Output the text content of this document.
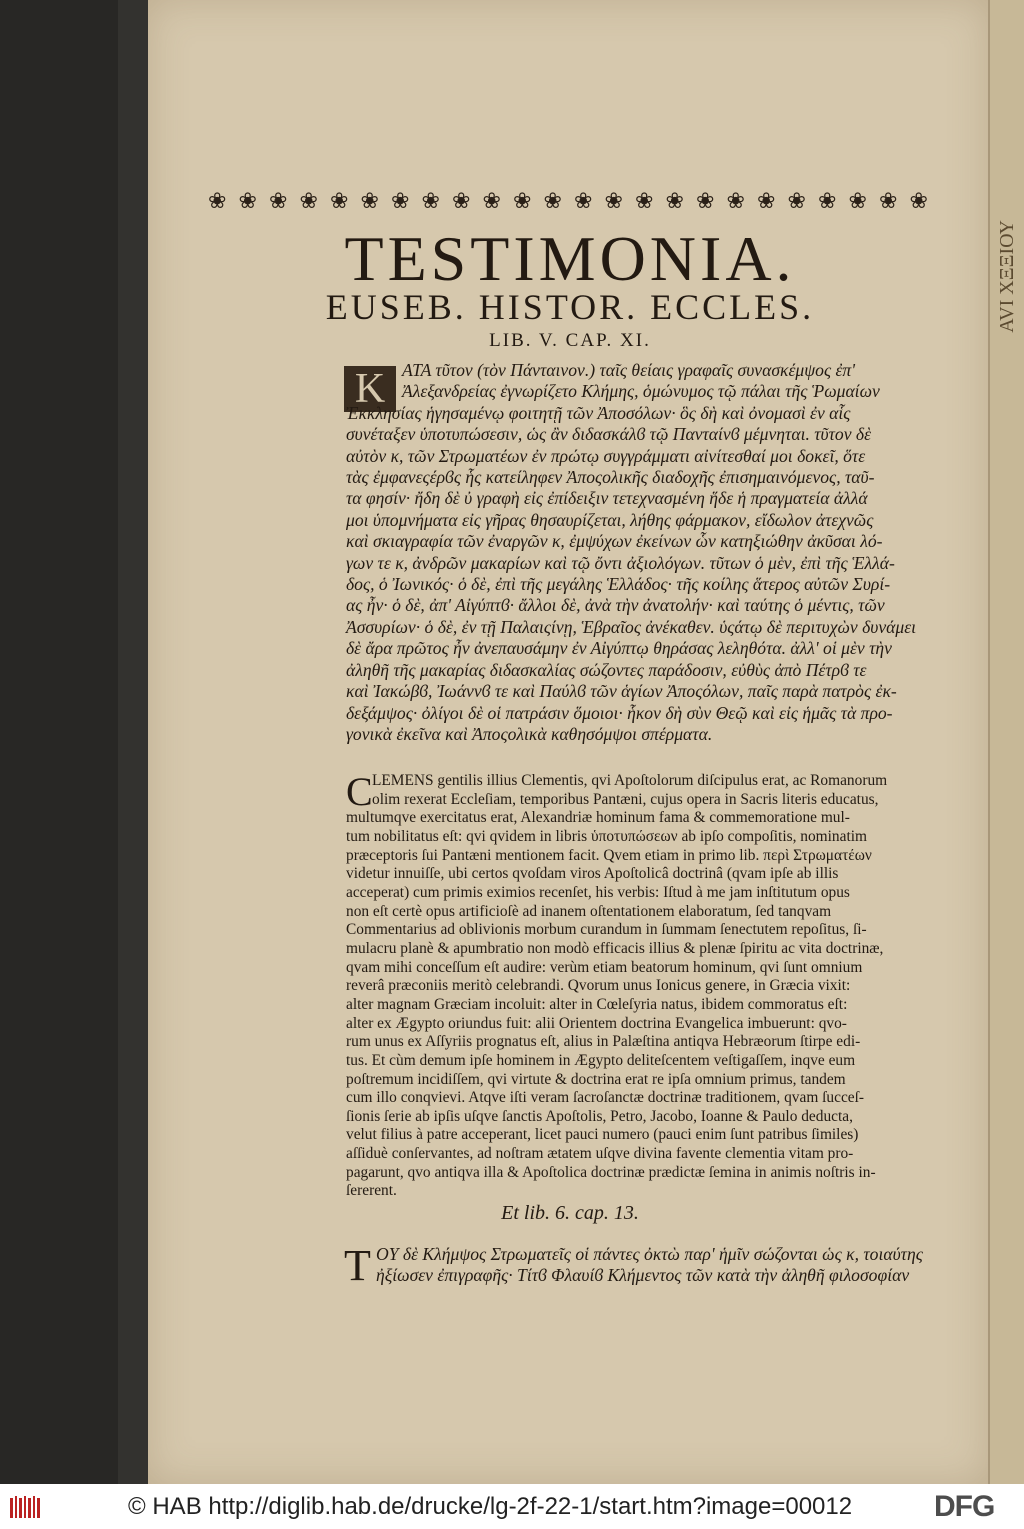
AVI ΧΞΞΙΟΥ
❀ ❀ ❀ ❀ ❀ ❀ ❀ ❀ ❀ ❀ ❀ ❀ ❀ ❀ ❀ ❀ ❀ ❀ ❀ ❀ ❀ ❀ ❀ ❀
TESTIMONIA.
EUSEB. HISTOR. ECCLES.
LIB. V. CAP. XI.
K ATA τῦτον (τὸν Πάνταινον.) ταῖς θείαις γραφαῖς συνασκέμψος ἐπ'

Ἀλεξανδρείας ἐγνωρίζετο Κλήμης, ὁμώνυμος τῷ πάλαι τῆς Ῥωμαίων

Ἐκκλησίας ἡγησαμένῳ φοιτητῇ τῶν Ἀποσόλων· ὃς δὴ καὶ ὀνομασὶ ἐν αἷς

συνέταξεν ὑποτυπώσεσιν, ὡς ἂν διδασκάλϐ τῷ Πανταίνϐ μέμνηται. τῦτον δὲ

αὐτὸν κ, τῶν Στρωματέων ἐν πρώτῳ συγγράμματι αἰνίτεσθαί μοι δοκεῖ, ὅτε

τὰς ἐμφανεςέρϐς ἧς κατείληφεν Ἀποςολικῆς διαδοχῆς ἐπισημαινόμενος, ταῦ-

τα φησίν· ἤδη δὲ ὐ γραφὴ εἰς ἐπίδειξιν τετεχνασμένη ἥδε ἡ πραγματεία ἀλλά

μοι ὑπομνήματα εἰς γῆρας θησαυρίζεται, λήθης φάρμακον, εἴδωλον ἀτεχνῶς

καὶ σκιαγραφία τῶν ἐναργῶν κ, ἐμψύχων ἐκείνων ὧν κατηξιώθην ἀκῦσαι λό-

γων τε κ, ἀνδρῶν μακαρίων καὶ τῷ ὄντι ἀξιολόγων. τῦτων ὁ μὲν, ἐπὶ τῆς Ἑλλά-

δος, ὁ Ἰωνικός· ὁ δὲ, ἐπὶ τῆς μεγάλης Ἑλλάδος· τῆς κοίλης ἅτερος αὐτῶν Συρί-

ας ἦν· ὁ δὲ, ἀπ' Αἰγύπτϐ· ἄλλοι δὲ, ἀνὰ τὴν ἀνατολήν· καὶ ταύτης ὁ μέντις, τῶν

Ἀσσυρίων· ὁ δὲ, ἐν τῇ Παλαιςίνῃ, Ἑβραῖος ἀνέκαθεν. ὑςάτῳ δὲ περιτυχὼν δυνάμει

δὲ ἄρα πρῶτος ἦν ἀνεπαυσάμην ἐν Αἰγύπτῳ θηράσας λεληθότα. ἀλλ' οἱ μὲν τὴν

ἀληθῆ τῆς μακαρίας διδασκαλίας σώζοντες παράδοσιν, εὐθὺς ἀπὸ Πέτρϐ τε

καὶ Ἰακώβϐ, Ἰωάννϐ τε καὶ Παύλϐ τῶν ἁγίων Ἀποςόλων, παῖς παρὰ πατρὸς ἐκ-

δεξάμψος· ὀλίγοι δὲ οἱ πατράσιν ὅμοιοι· ἧκον δὴ σὺν Θεῷ καὶ εἰς ἡμᾶς τὰ προ-

γονικὰ ἐκεῖνα καὶ Ἀποςολικὰ καθησόμψοι σπέρματα.

C LEMENS gentilis illius Clementis, qvi Apoſtolorum diſcipulus erat, ac Romanorum

olim rexerat Eccleſiam, temporibus Pantæni, cujus opera in Sacris literis educatus,

multumqve exercitatus erat, Alexandriæ hominum fama & commemoratione mul-

tum nobilitatus eſt: qvi qvidem in libris ὑποτυπώσεων ab ipſo compoſitis, nominatim

præceptoris ſui Pantæni mentionem facit. Qvem etiam in primo lib. περὶ Στρωματέων

videtur innuiſſe, ubi certos qvoſdam viros Apoſtolicâ doctrinâ (qvam ipſe ab illis

acceperat) cum primis eximios recenſet, his verbis: Iſtud à me jam inſtitutum opus

non eſt certè opus artificioſè ad inanem oſtentationem elaboratum, ſed tanqvam

Commentarius ad oblivionis morbum curandum in ſummam ſenectutem repoſitus, ſi-

mulacru planè & apumbratio non modò efficacis illius & plenæ ſpiritu ac vita doctrinæ,

qvam mihi conceſſum eſt audire: verùm etiam beatorum hominum, qvi ſunt omnium

reverâ præconiis meritò celebrandi. Qvorum unus Ionicus genere, in Græcia vixit:

alter magnam Græciam incoluit: alter in Cœleſyria natus, ibidem commoratus eſt:

alter ex Ægypto oriundus fuit: alii Orientem doctrina Evangelica imbuerunt: qvo-

rum unus ex Aſſyriis prognatus eſt, alius in Palæſtina antiqva Hebræorum ſtirpe edi-

tus. Et cùm demum ipſe hominem in Ægypto deliteſcentem veſtigaſſem, inqve eum

poſtremum incidiſſem, qvi virtute & doctrina erat re ipſa omnium primus, tandem

cum illo conqvievi. Atqve iſti veram ſacroſanctæ doctrinæ traditionem, qvam ſucceſ-

ſionis ſerie ab ipſis uſqve ſanctis Apoſtolis, Petro, Jacobo, Ioanne & Paulo deducta,

velut filius à patre acceperant, licet pauci numero (pauci enim ſunt patribus ſimiles)

aſſiduè conſervantes, ad noſtram ætatem uſqve divina favente clementia vitam pro-

pagarunt, qvo antiqva illa & Apoſtolica doctrinæ prædictæ ſemina in animis noſtris in-

ſererent.

Et lib. 6. cap. 13.
T OΥ δὲ Κλήμψος Στρωματεῖς οἱ πάντες ὀκτὼ παρ' ἡμῖν σώζονται ὡς κ, τοιαύτης

ἠξίωσεν ἐπιγραφῆς· Τίτϐ Φλαυίϐ Κλήμεντος τῶν κατὰ τὴν ἀληθῆ φιλοσοφίαν

© HAB http://diglib.hab.de/drucke/lg-2f-22-1/start.htm?image=00012	DFG
